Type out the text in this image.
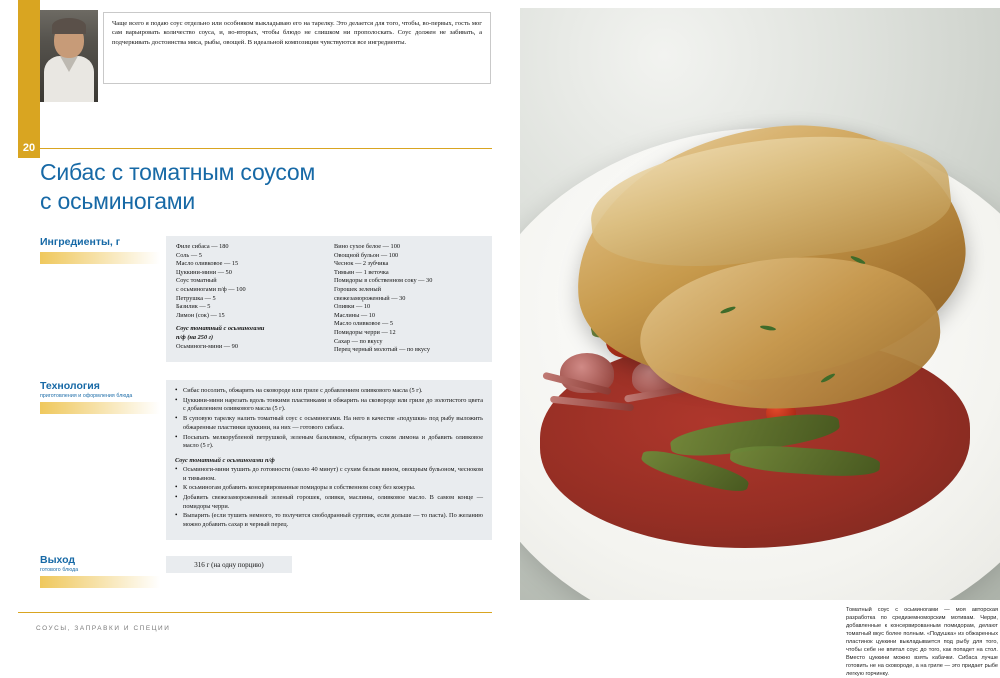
20

Чаще всего я подаю соус отдельно или особняком выкладываю его на тарелку. Это делается для того, чтобы, во-первых, гость мог сам варьировать количество соуса, и, во-вторых, чтобы блюдо не слишком ни прополоскать. Соус должен не забивать, а подчеркивать достоинства мяса, рыбы, овощей. В идеальной композиции чувствуются все ингредиенты.

Сибас с томатным соусом
с осьминогами
Ингредиенты, г	Филе сибаса — 180
Соль — 5
Масло оливковое — 15
Цуккини-мини — 50
Соус томатный
с осьминогами п/ф — 100
Петрушка — 5
Базилик — 5
Лимон (сок) — 15
Соус томатный с осьминогами
п/ф (на 250 г)
Осьминоги-мини — 90
Вино сухое белое — 100
Овощной бульон — 100
Чеснок — 2 зубчика
Тимьян — 1 веточка
Помидоры в собственном соку — 30
Горошек зеленый
свежезамороженный — 30
Оливки — 10
Маслины — 10
Масло оливковое — 5
Помидоры черри — 12
Сахар — по вкусу
Перец черный молотый — по вкусу
Технология
приготовления и оформления блюда
• Сибас посолить, обжарить на сковороде или гриле с добавлением оливкового масла (5 г).
• Цуккини-мини нарезать вдоль тонкими пластинками и обжарить на сковороде или гриле до золотистого цвета с добавлением оливкового масла (5 г).
• В суповую тарелку налить томатный соус с осьминогами. На него в качестве «подушки» под рыбу выложить обжаренные пластинки цуккини, на них — готового сибаса.
• Посыпать мелкорубленой петрушкой, зеленым базиликом, сбрызнуть соком лимона и добавить оливковое масло (5 г).
Соус томатный с осьминогами п/ф
• Осьминоги-мини тушить до готовности (около 40 минут) с сухим белым вином, овощным бульоном, чесноком и тимьяном.
• К осьминогам добавить консервированные помидоры в собственном соку без кожуры.
• Добавить свежезамороженный зеленый горошек, оливки, маслины, оливковое масло. В самом конце — помидоры черри.
• Выпарить (если тушить немного, то получится свободранный сургпик, если дольше — то паста). По желанию можно добавить сахар и черный перец.
Выход
готового блюда
316 г (на одну порцию)
СОУСЫ, ЗАПРАВКИ И СПЕЦИИ
Томатный соус с осьминогами — моя авторская разработка по средиземноморским мотивам. Черри, добавленные к консервированным помидорам, делают томатный вкус более полным. «Подушка» из обжаренных пластинок цуккини выкладывается под рыбу для того, чтобы себе не впитал соус до того, как попадет на стол. Вместо цуккини можно взять кабачки. Сибаса лучше готовить не на сковороде, а на гриле — это придает рыбе легкую горчинку.
